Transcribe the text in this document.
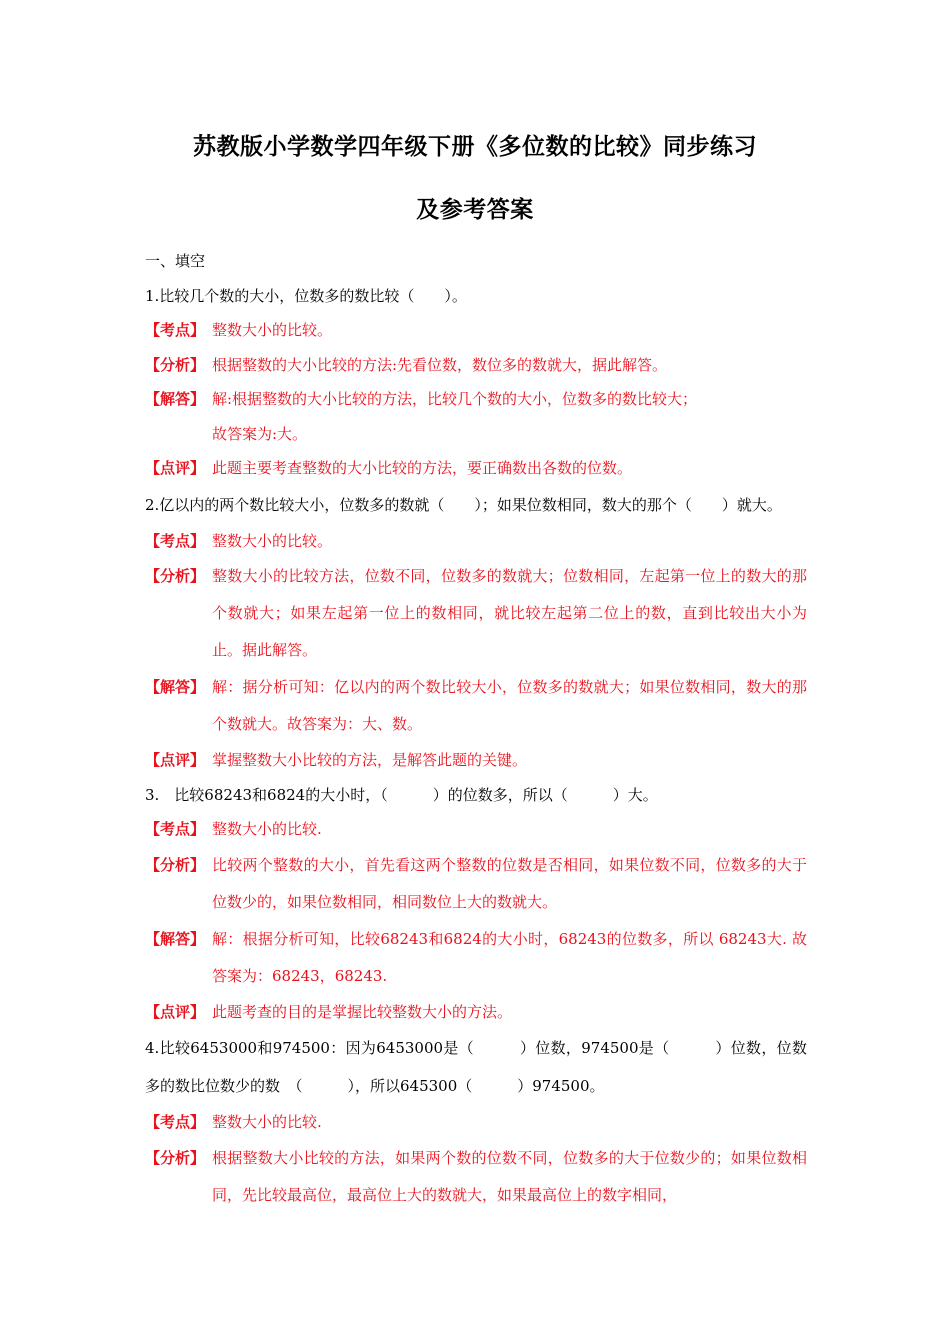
苏教版小学数学四年级下册《多位数的比较》同步练习
及参考答案
一、填空
1.比较几个数的大小，位数多的数比较（　　）。
【考点】 整数大小的比较。
【分析】 根据整数的大小比较的方法:先看位数，数位多的数就大，据此解答。
【解答】 解:根据整数的大小比较的方法，比较几个数的大小，位数多的数比较大；
故答案为:大。
【点评】 此题主要考查整数的大小比较的方法，要正确数出各数的位数。
2.亿以内的两个数比较大小，位数多的数就（　　）；如果位数相同，数大的那个（　　）就大。
【考点】 整数大小的比较。
【分析】 整数大小的比较方法，位数不同，位数多的数就大；位数相同，左起第一位上的数大的那个数就大；如果左起第一位上的数相同，就比较左起第二位上的数，直到比较出大小为止。据此解答。
【解答】 解：据分析可知：亿以内的两个数比较大小，位数多的数就大；如果位数相同，数大的那个数就大。故答案为：大、数。
【点评】 掌握整数大小比较的方法，是解答此题的关键。
3.　比较68243和6824的大小时，（　　　）的位数多，所以（　　　）大。
【考点】 整数大小的比较.
【分析】 比较两个整数的大小，首先看这两个整数的位数是否相同，如果位数不同，位数多的大于位数少的，如果位数相同，相同数位上大的数就大。
【解答】 解：根据分析可知，比较68243和6824的大小时，68243的位数多，所以 68243大. 故答案为：68243，68243.
【点评】 此题考查的目的是掌握比较整数大小的方法。
4.比较6453000和974500：因为6453000是（　　　）位数，974500是（　　　）位数，位数多的数比位数少的数　（　　　），所以645300（　　　）974500。
【考点】 整数大小的比较.
【分析】 根据整数大小比较的方法，如果两个数的位数不同，位数多的大于位数少的；如果位数相同，先比较最高位，最高位上大的数就大，如果最高位上的数字相同，
